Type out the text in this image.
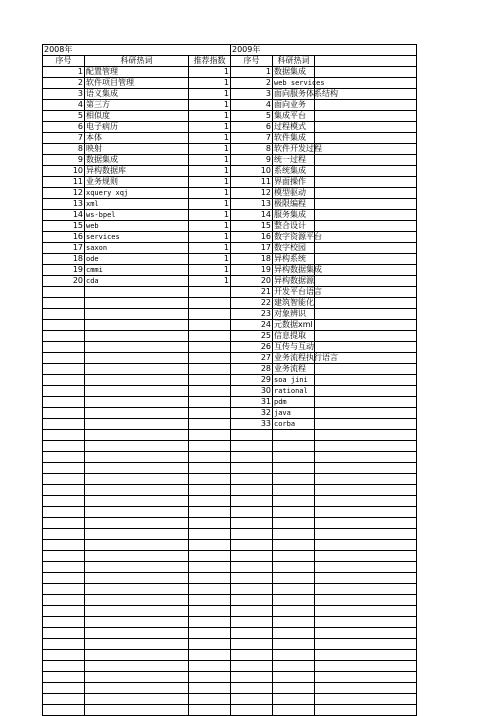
2008年			2009年		
序号	科研热词	推荐指数	序号	科研热词	
1	配置管理	1	1	数据集成	
2	软件项目管理	1	2	web services	
3	语义集成	1	3	面向服务体系结构	
4	第三方	1	4	面向业务	
5	相似度	1	5	集成平台	
6	电子病历	1	6	过程模式	
7	本体	1	7	软件集成	
8	映射	1	8	软件开发过程	
9	数据集成	1	9	统一过程	
10	异构数据库	1	10	系统集成	
11	业务规则	1	11	界面操作	
12	xquery xqj	1	12	模型驱动	
13	xml	1	13	极限编程	
14	ws-bpel	1	14	服务集成	
15	web	1	15	整合设计	
16	services	1	16	数字资源平台	
17	saxon	1	17	数字校园	
18	ode	1	18	异构系统	
19	cmmi	1	19	异构数据集成	
20	cda	1	20	异构数据源	
			21	开发平台语言	
			22	建筑智能化	
			23	对象辨识	
			24	元数据xml	
			25	信息提取	
			26	互传与互动	
			27	业务流程执行语言	
			28	业务流程	
			29	soa jini	
			30	rational	
			31	pdm	
			32	java	
			33	corba	
